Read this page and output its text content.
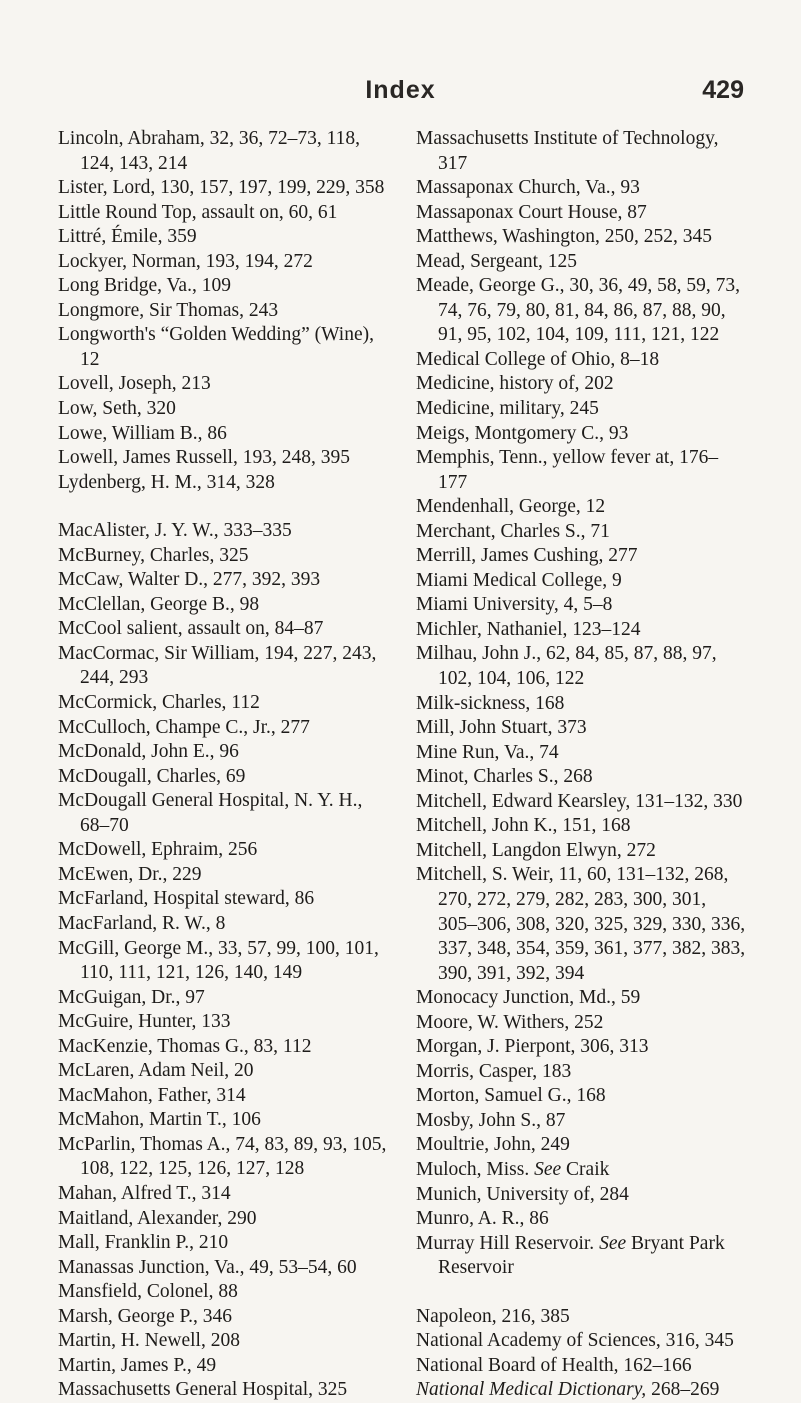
Index	429
Lincoln, Abraham, 32, 36, 72–73, 118, 124, 143, 214
Lister, Lord, 130, 157, 197, 199, 229, 358
Little Round Top, assault on, 60, 61
Littré, Émile, 359
Lockyer, Norman, 193, 194, 272
Long Bridge, Va., 109
Longmore, Sir Thomas, 243
Longworth's “Golden Wedding” (Wine), 12
Lovell, Joseph, 213
Low, Seth, 320
Lowe, William B., 86
Lowell, James Russell, 193, 248, 395
Lydenberg, H. M., 314, 328
MacAlister, J. Y. W., 333–335
McBurney, Charles, 325
McCaw, Walter D., 277, 392, 393
McClellan, George B., 98
McCool salient, assault on, 84–87
MacCormac, Sir William, 194, 227, 243, 244, 293
McCormick, Charles, 112
McCulloch, Champe C., Jr., 277
McDonald, John E., 96
McDougall, Charles, 69
McDougall General Hospital, N. Y. H., 68–70
McDowell, Ephraim, 256
McEwen, Dr., 229
McFarland, Hospital steward, 86
MacFarland, R. W., 8
McGill, George M., 33, 57, 99, 100, 101, 110, 111, 121, 126, 140, 149
McGuigan, Dr., 97
McGuire, Hunter, 133
MacKenzie, Thomas G., 83, 112
McLaren, Adam Neil, 20
MacMahon, Father, 314
McMahon, Martin T., 106
McParlin, Thomas A., 74, 83, 89, 93, 105, 108, 122, 125, 126, 127, 128
Mahan, Alfred T., 314
Maitland, Alexander, 290
Mall, Franklin P., 210
Manassas Junction, Va., 49, 53–54, 60
Mansfield, Colonel, 88
Marsh, George P., 346
Martin, H. Newell, 208
Martin, James P., 49
Massachusetts General Hospital, 325
Massachusetts Institute of Technology, 317
Massaponax Church, Va., 93
Massaponax Court House, 87
Matthews, Washington, 250, 252, 345
Mead, Sergeant, 125
Meade, George G., 30, 36, 49, 58, 59, 73, 74, 76, 79, 80, 81, 84, 86, 87, 88, 90, 91, 95, 102, 104, 109, 111, 121, 122
Medical College of Ohio, 8–18
Medicine, history of, 202
Medicine, military, 245
Meigs, Montgomery C., 93
Memphis, Tenn., yellow fever at, 176–177
Mendenhall, George, 12
Merchant, Charles S., 71
Merrill, James Cushing, 277
Miami Medical College, 9
Miami University, 4, 5–8
Michler, Nathaniel, 123–124
Milhau, John J., 62, 84, 85, 87, 88, 97, 102, 104, 106, 122
Milk-sickness, 168
Mill, John Stuart, 373
Mine Run, Va., 74
Minot, Charles S., 268
Mitchell, Edward Kearsley, 131–132, 330
Mitchell, John K., 151, 168
Mitchell, Langdon Elwyn, 272
Mitchell, S. Weir, 11, 60, 131–132, 268, 270, 272, 279, 282, 283, 300, 301, 305–306, 308, 320, 325, 329, 330, 336, 337, 348, 354, 359, 361, 377, 382, 383, 390, 391, 392, 394
Monocacy Junction, Md., 59
Moore, W. Withers, 252
Morgan, J. Pierpont, 306, 313
Morris, Casper, 183
Morton, Samuel G., 168
Mosby, John S., 87
Moultrie, John, 249
Muloch, Miss. See Craik
Munich, University of, 284
Munro, A. R., 86
Murray Hill Reservoir. See Bryant Park Reservoir
Napoleon, 216, 385
National Academy of Sciences, 316, 345
National Board of Health, 162–166
National Medical Dictionary, 268–269
